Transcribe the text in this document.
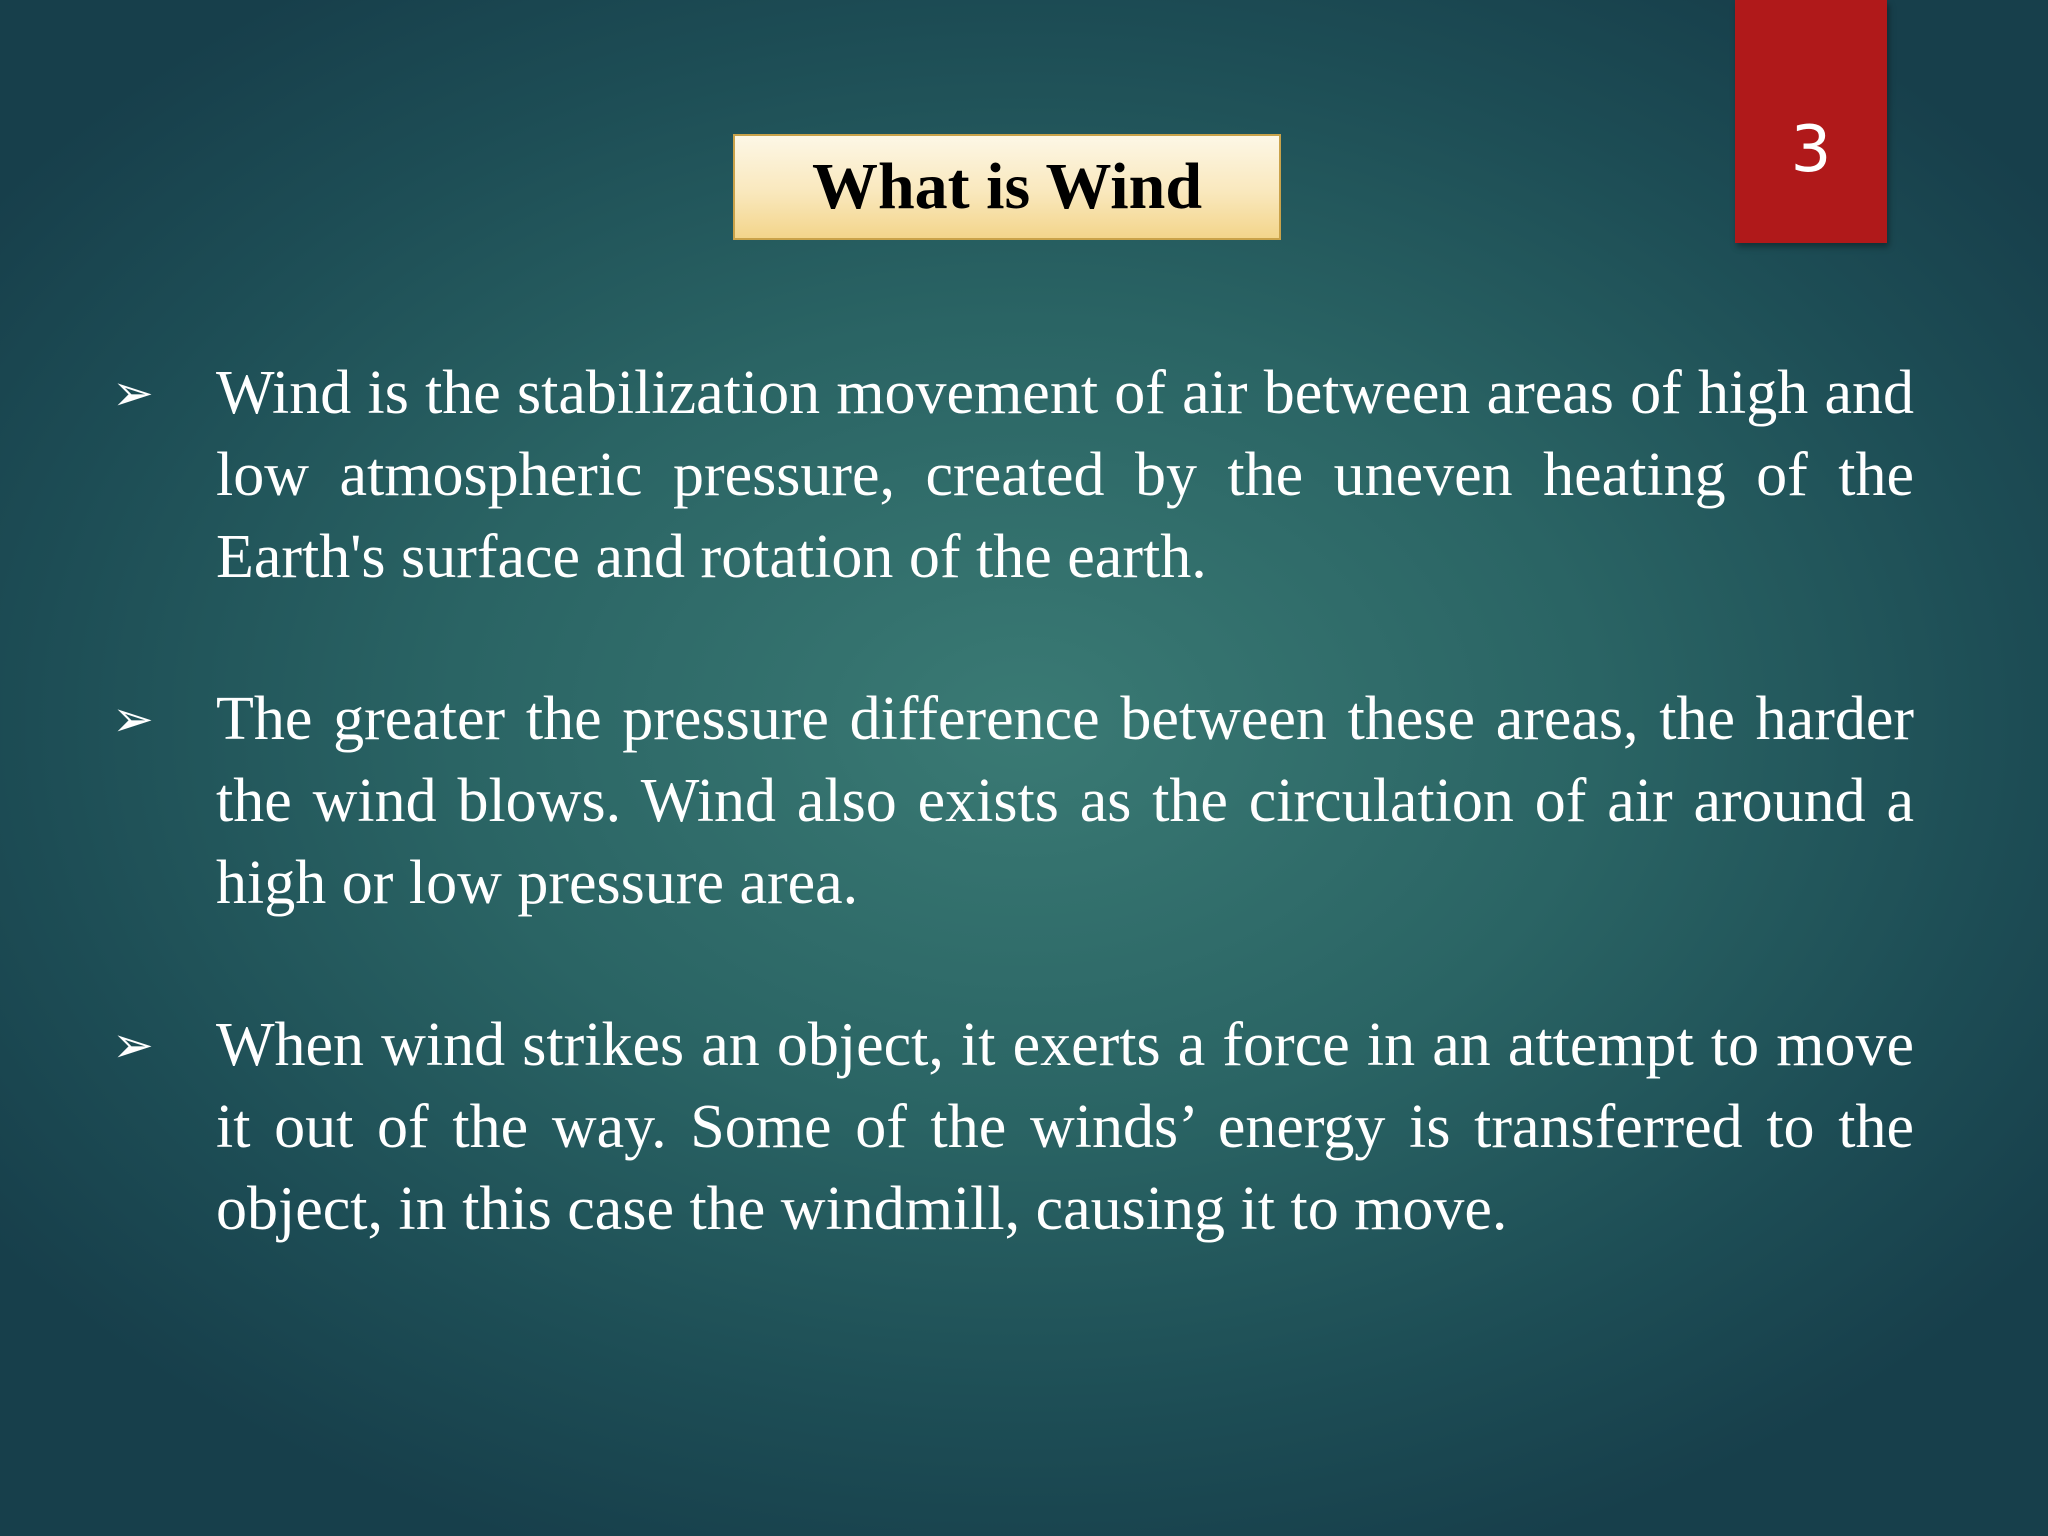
3
What is Wind
➢	Wind is the stabilization movement of air between areas of high and low atmospheric pressure, created by the uneven heating of the Earth's surface and rotation of the earth.
➢	The greater the pressure difference between these areas, the harder the wind blows. Wind also exists as the circulation of air around a high or low pressure area.
➢	When wind strikes an object, it exerts a force in an attempt to move it out of the way. Some of the winds’ energy is transferred to the object, in this case the windmill, causing it to move.
